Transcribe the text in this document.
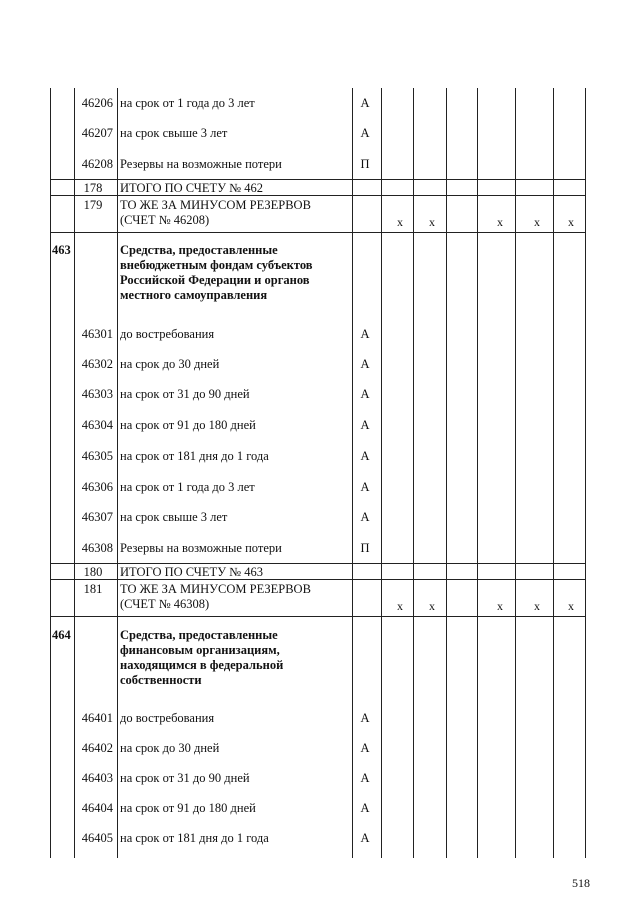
46206 на срок от 1 года до 3 лет	А
46207 на срок свыше 3 лет	А
46208 Резервы на возможные потери	П
178	ИТОГО ПО СЧЕТУ № 462
179	ТО ЖЕ ЗА МИНУСОМ РЕЗЕРВОВ
(СЧЕТ № 46208)	х х	х	х х
463	Средства, предоставленные
внебюджетным фондам субъектов
Российской Федерации и органов
местного самоуправления
46301 до востребования	А
46302 на срок до 30 дней	А
46303 на срок от 31 до 90 дней	А
46304 на срок от 91 до 180 дней	А
46305 на срок от 181 дня до 1 года	А
46306 на срок от 1 года до 3 лет	А
46307 на срок свыше 3 лет	А
46308 Резервы на возможные потери	П
180	ИТОГО ПО СЧЕТУ № 463
181	ТО ЖЕ ЗА МИНУСОМ РЕЗЕРВОВ
(СЧЕТ № 46308)	х х	х	х х
464	Средства, предоставленные
финансовым организациям,
находящимся в федеральной
собственности
46401 до востребования	А
46402 на срок до 30 дней	А
46403 на срок от 31 до 90 дней	А
46404 на срок от 91 до 180 дней	А
46405 на срок от 181 дня до 1 года	А
518
